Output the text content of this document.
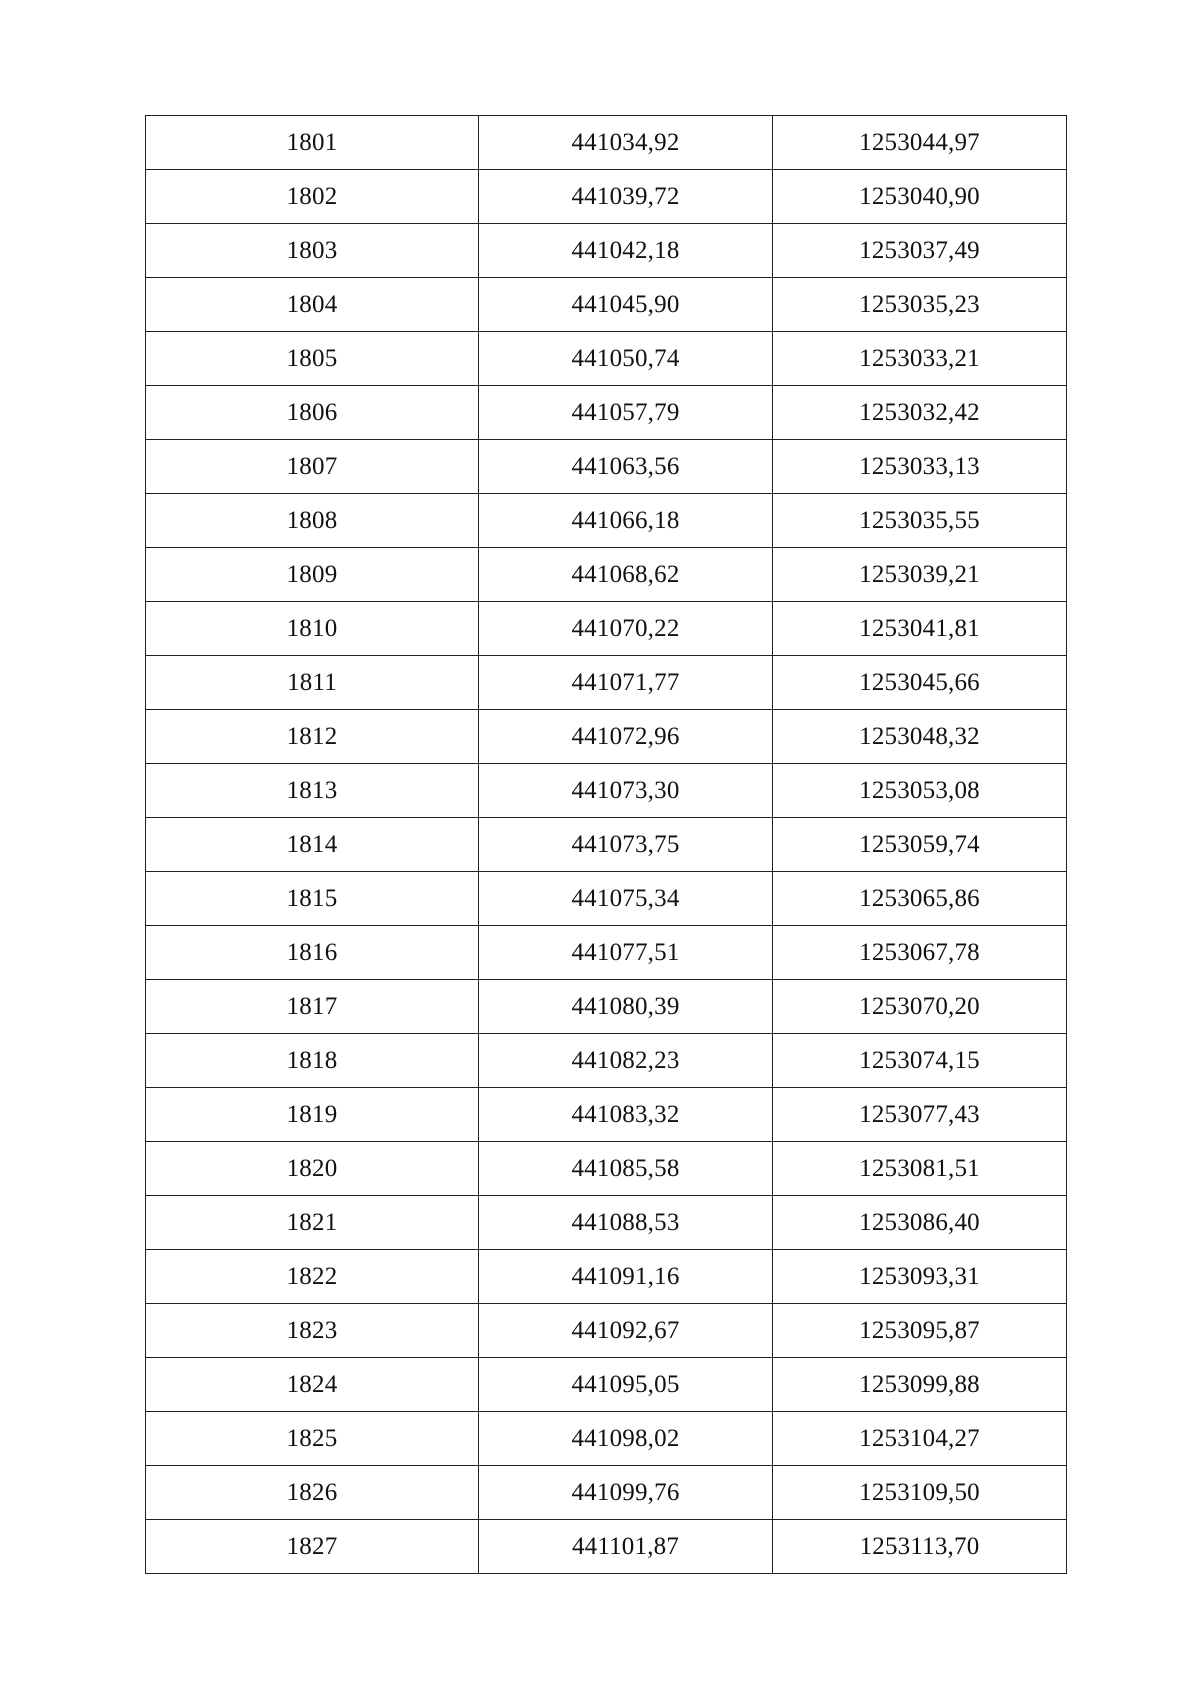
1801	441034,92	1253044,97
1802	441039,72	1253040,90
1803	441042,18	1253037,49
1804	441045,90	1253035,23
1805	441050,74	1253033,21
1806	441057,79	1253032,42
1807	441063,56	1253033,13
1808	441066,18	1253035,55
1809	441068,62	1253039,21
1810	441070,22	1253041,81
1811	441071,77	1253045,66
1812	441072,96	1253048,32
1813	441073,30	1253053,08
1814	441073,75	1253059,74
1815	441075,34	1253065,86
1816	441077,51	1253067,78
1817	441080,39	1253070,20
1818	441082,23	1253074,15
1819	441083,32	1253077,43
1820	441085,58	1253081,51
1821	441088,53	1253086,40
1822	441091,16	1253093,31
1823	441092,67	1253095,87
1824	441095,05	1253099,88
1825	441098,02	1253104,27
1826	441099,76	1253109,50
1827	441101,87	1253113,70
